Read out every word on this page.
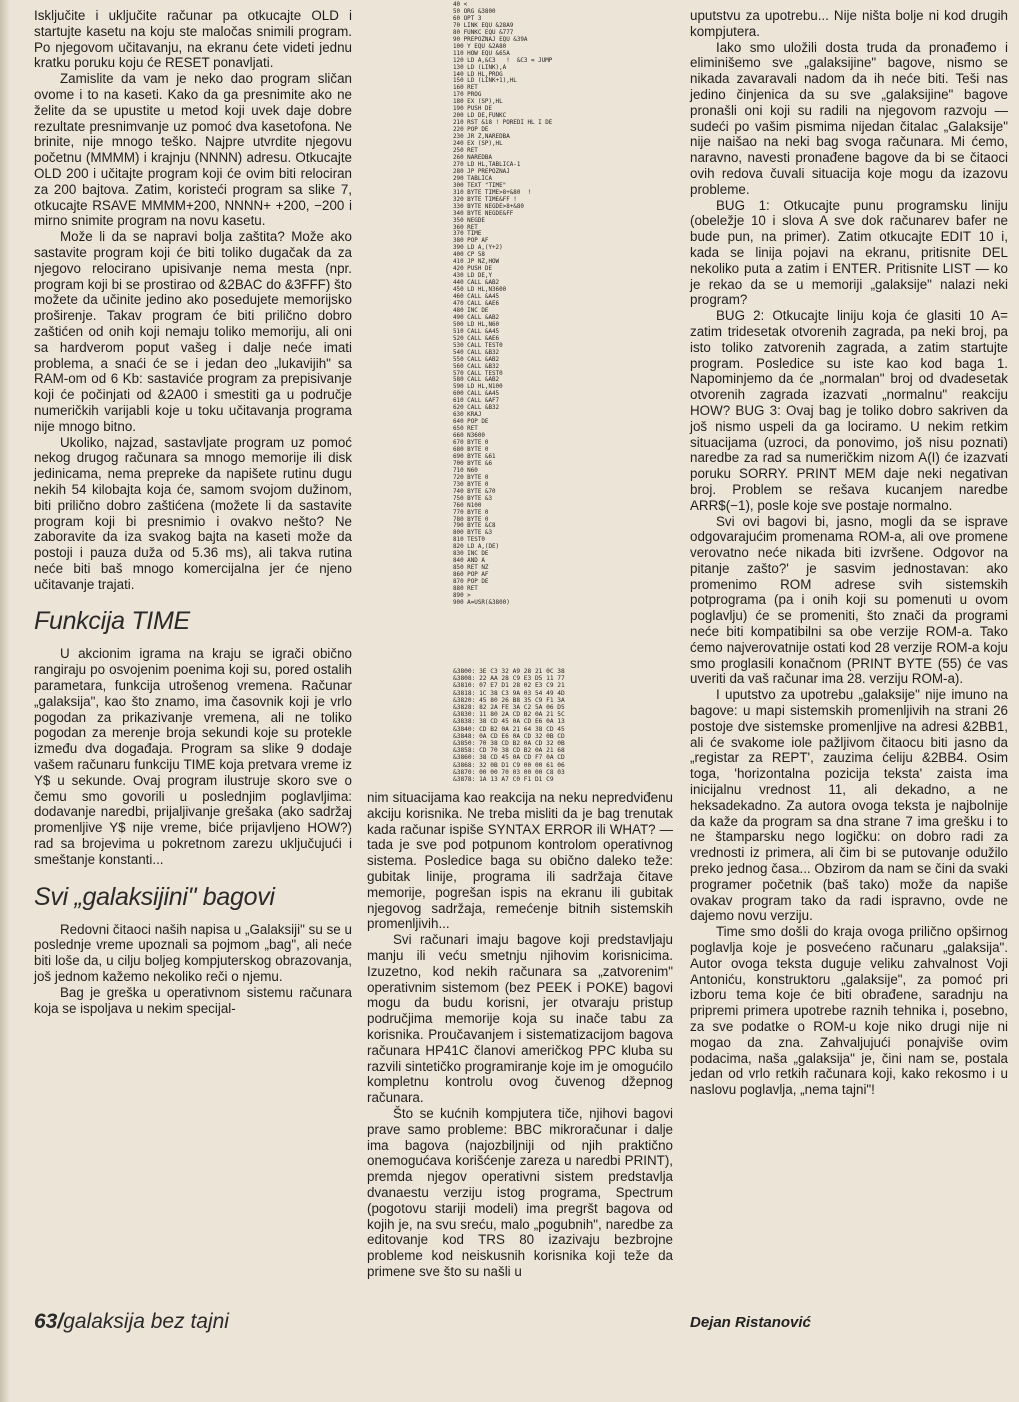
Isključite i uključite računar pa otkucajte OLD i startujte kasetu na koju ste maločas snimili program. Po njegovom učitavanju, na ekranu ćete videti jednu kratku poruku koju će RESET ponavljati.

Zamislite da vam je neko dao program sličan ovome i to na kaseti. Kako da ga presnimite ako ne želite da se upustite u metod koji uvek daje dobre rezultate presnimvanje uz pomoć dva kasetofona. Ne brinite, nije mnogo teško. Najpre utvrdite njegovu početnu (MMMM) i krajnju (NNNN) adresu. Otkucajte OLD 200 i učitajte program koji će ovim biti relociran za 200 bajtova. Zatim, koristeći program sa slike 7, otkucajte RSAVE MMMM+200, NNNN+ +200, −200 i mirno snimite program na novu kasetu.

Može li da se napravi bolja zaštita? Može ako sastavite program koji će biti toliko dugačak da za njegovo relocirano upisivanje nema mesta (npr. program koji bi se prostirao od &2BAC do &3FFF) što možete da učinite jedino ako posedujete memorijsko proširenje. Takav program će biti prilično dobro zaštićen od onih koji nemaju toliko memoriju, ali oni sa hardverom poput vašeg i dalje neće imati problema, a snaći će se i jedan deo „lukavijih" sa RAM-om od 6 Kb: sastaviće program za prepisivanje koji će počinjati od &2A00 i smestiti ga u područje numeričkih varijabli koje u toku učitavanja programa nije mnogo bitno.

Ukoliko, najzad, sastavljate program uz pomoć nekog drugog računara sa mnogo memorije ili disk jedinicama, nema prepreke da napišete rutinu dugu nekih 54 kilobajta koja će, samom svojom dužinom, biti prilično dobro zaštićena (možete li da sastavite program koji bi presnimio i ovakvo nešto? Ne zaboravite da iza svakog bajta na kaseti može da postoji i pauza duža od 5.36 ms), ali takva rutina neće biti baš mnogo komercijalna jer će njeno učitavanje trajati.

Funkcija TIME

U akcionim igrama na kraju se igrači obično rangiraju po osvojenim poenima koji su, pored ostalih parametara, funkcija utrošenog vremena. Računar „galaksija", kao što znamo, ima časovnik koji je vrlo pogodan za prikazivanje vremena, ali ne toliko pogodan za merenje broja sekundi koje su protekle između dva događaja. Program sa slike 9 dodaje vašem računaru funkciju TIME koja pretvara vreme iz Y$ u sekunde. Ovaj program ilustruje skoro sve o čemu smo govorili u poslednjim poglavljima: dodavanje naredbi, prijaljivanje grešaka (ako sadržaj promenljive Y$ nije vreme, biće prijavljeno HOW?) rad sa brojevima u pokretnom zarezu uključujući i smeštanje konstanti...

Svi „galaksijini" bagovi

Redovni čitaoci naših napisa u „Galaksiji" su se u poslednje vreme upoznali sa pojmom „bag", ali neće biti loše da, u cilju boljeg kompjuterskog obrazovanja, još jednom kažemo nekoliko reči o njemu.

Bag je greška u operativnom sistemu računara koja se ispoljava u nekim specijal-

40 <
50 ORG &3800
60 OPT 3
70 LINK EQU &28A9
80 FUNKC EQU &777
90 PREPOZNAJ EQU &39A
100 Y EQU &2A80
110 HOW EQU &65A
120 LD A,&C3   !  &C3 = JUMP
130 LD (LINK),A
140 LD HL,PROG
150 LD (LINK+1),HL
160 RET
170 PROG
180 EX (SP),HL
190 PUSH DE
200 LD DE,FUNKC
210 RST &18 ! POREDI HL I DE
220 POP DE
230 JR Z,NAREDBA
240 EX (SP),HL
250 RET
260 NAREDBA
270 LD HL,TABLICA-1
280 JP PREPOZNAJ
290 TABLICA
300 TEXT "TIME"
310 BYTE TIME>8+&80  !
320 BYTE TIME&FF !
330 BYTE NEGDE>8+&80
340 BYTE NEGDE&FF
350 NEGDE
360 RET
370 TIME
380 POP AF
390 LD A,(Y+2)
400 CP 58
410 JP NZ,HOW
420 PUSH DE
430 LD DE,Y
440 CALL &AB2
450 LD HL,N3600
460 CALL &A45
470 CALL &AE6
480 INC DE
490 CALL &AB2
500 LD HL,N60
510 CALL &A45
520 CALL &AE6
530 CALL TEST0
540 CALL &B32
550 CALL &AB2
560 CALL &B32
570 CALL TEST0
580 CALL &AB2
590 LD HL,N100
600 CALL &A45
610 CALL &AF7
620 CALL &B32
630 KRAJ
640 POP DE
650 RET
660 N3600
670 BYTE 0
680 BYTE 0
690 BYTE &61
700 BYTE &6
710 N60
720 BYTE 0
730 BYTE 0
740 BYTE &70
750 BYTE &3
760 N100
770 BYTE 0
780 BYTE 0
790 BYTE &C8
800 BYTE &3
810 TEST0
820 LD A,(DE)
830 INC DE
840 AND A
850 RET NZ
860 POP AF
870 POP DE
880 RET
890 >
900 A=USR(&3800)
&3800: 3E C3 32 A9 28 21 0C 38
&3808: 22 AA 28 C9 E3 D5 11 77
&3810: 07 E7 D1 28 02 E3 C9 21
&3818: 1C 38 C3 9A 03 54 49 4D
&3820: 45 80 26 B8 35 C9 F1 3A
&3828: 82 2A FE 3A C2 5A 06 D5
&3830: 11 80 2A CD B2 0A 21 5C
&3838: 38 CD 45 0A CD E6 0A 13
&3840: CD B2 0A 21 64 38 CD 45
&3848: 0A CD E6 0A CD 32 0B CD
&3850: 70 38 CD B2 0A CD 32 0B
&3858: CD 70 38 CD B2 0A 21 68
&3860: 38 CD 45 0A CD F7 0A CD
&3868: 32 0B D1 C9 00 00 61 06
&3870: 00 00 70 03 00 00 C8 03
&3878: 1A 13 A7 C0 F1 D1 C9

nim situacijama kao reakcija na neku nepredviđenu akciju korisnika. Ne treba misliti da je bag trenutak kada računar ispiše SYNTAX ERROR ili WHAT? — tada je sve pod potpunom kontrolom operativnog sistema. Posledice baga su obično daleko teže: gubitak linije, programa ili sadržaja čitave memorije, pogrešan ispis na ekranu ili gubitak njegovog sadržaja, remećenje bitnih sistemskih promenljivih...

Svi računari imaju bagove koji predstavljaju manju ili veću smetnju njihovim korisnicima. Izuzetno, kod nekih računara sa „zatvorenim" operativnim sistemom (bez PEEK i POKE) bagovi mogu da budu korisni, jer otvaraju pristup područjima memorije koja su inače tabu za korisnika. Proučavanjem i sistematizacijom bagova računara HP41C članovi američkog PPC kluba su razvili sintetičko programiranje koje im je omogućilo kompletnu kontrolu ovog čuvenog džepnog računara.

Što se kućnih kompjutera tiče, njihovi bagovi prave samo probleme: BBC mikroračunar i dalje ima bagova (najozbiljniji od njih praktično onemogućava korišćenje zareza u naredbi PRINT), premda njegov operativni sistem predstavlja dvanaestu verziju istog programa, Spectrum (pogotovu stariji modeli) ima pregršt bagova od kojih je, na svu sreću, malo „pogubnih", naredbe za editovanje kod TRS 80 izazivaju bezbrojne probleme kod neiskusnih korisnika koji teže da primene sve što su našli u

uputstvu za upotrebu... Nije ništa bolje ni kod drugih kompjutera.

Iako smo uložili dosta truda da pronađemo i eliminišemo sve „galaksijine" bagove, nismo se nikada zavaravali nadom da ih neće biti. Teši nas jedino činjenica da su sve „galaksijine" bagove pronašli oni koji su radili na njegovom razvoju — sudeći po vašim pismima nijedan čitalac „Galaksije" nije naišao na neki bag svoga računara. Mi ćemo, naravno, navesti pronađene bagove da bi se čitaoci ovih redova čuvali situacija koje mogu da izazovu probleme.

BUG 1: Otkucajte punu programsku liniju (obeležje 10 i slova A sve dok računarev bafer ne bude pun, na primer). Zatim otkucajte EDIT 10 i, kada se linija pojavi na ekranu, pritisnite DEL nekoliko puta a zatim i ENTER. Pritisnite LIST — ko je rekao da se u memoriji „galaksije" nalazi neki program?

BUG 2: Otkucajte liniju koja će glasiti 10 A= zatim tridesetak otvorenih zagrada, pa neki broj, pa isto toliko zatvorenih zagrada, a zatim startujte program. Posledice su iste kao kod baga 1. Napominjemo da će „normalan" broj od dvadesetak otvorenih zagrada izazvati „normalnu" reakciju HOW? BUG 3: Ovaj bag je toliko dobro sakriven da još nismo uspeli da ga lociramo. U nekim retkim situacijama (uzroci, da ponovimo, još nisu poznati) naredbe za rad sa numeričkim nizom A(I) će izazvati poruku SORRY. PRINT MEM daje neki negativan broj. Problem se rešava kucanjem naredbe ARR$(−1), posle koje sve postaje normalno.

Svi ovi bagovi bi, jasno, mogli da se isprave odgovarajućim promenama ROM-a, ali ove promene verovatno neće nikada biti izvršene. Odgovor na pitanje zašto?' je sasvim jednostavan: ako promenimo ROM adrese svih sistemskih potprograma (pa i onih koji su pomenuti u ovom poglavlju) će se promeniti, što znači da programi neće biti kompatibilni sa obe verzije ROM-a. Tako ćemo najverovatnije ostati kod 28 verzije ROM-a koju smo proglasili konačnom (PRINT BYTE (55) će vas uveriti da vaš računar ima 28. verziju ROM-a).

I uputstvo za upotrebu „galaksije" nije imuno na bagove: u mapi sistemskih promenljivih na strani 26 postoje dve sistemske promenljive na adresi &2BB1, ali će svakome iole pažljivom čitaocu biti jasno da „registar za REPT', zauzima ćeliju &2BB4. Osim toga, 'horizontalna pozicija teksta' zaista ima inicijalnu vrednost 11, ali dekadno, a ne heksadekadno. Za autora ovoga teksta je najbolnije da kaže da program sa dna strane 7 ima grešku i to ne štamparsku nego logičku: on dobro radi za vrednosti iz primera, ali čim bi se putovanje odužilo preko jednog časa... Obzirom da nam se čini da svaki programer početnik (baš tako) može da napiše ovakav program tako da radi ispravno, ovde ne dajemo novu verziju.

Time smo došli do kraja ovoga prilično opširnog poglavlja koje je posvećeno računaru „galaksija". Autor ovoga teksta duguje veliku zahvalnost Voji Antoniću, konstruktoru „galaksije", za pomoć pri izboru tema koje će biti obrađene, saradnju na pripremi primera upotrebe raznih tehnika i, posebno, za sve podatke o ROM-u koje niko drugi nije ni mogao da zna. Zahvaljujući ponajviše ovim podacima, naša „galaksija" je, čini nam se, postala jedan od vrlo retkih računara koji, kako rekosmo i u naslovu poglavlja, „nema tajni"!

63/galaksija bez tajni	Dejan Ristanović
